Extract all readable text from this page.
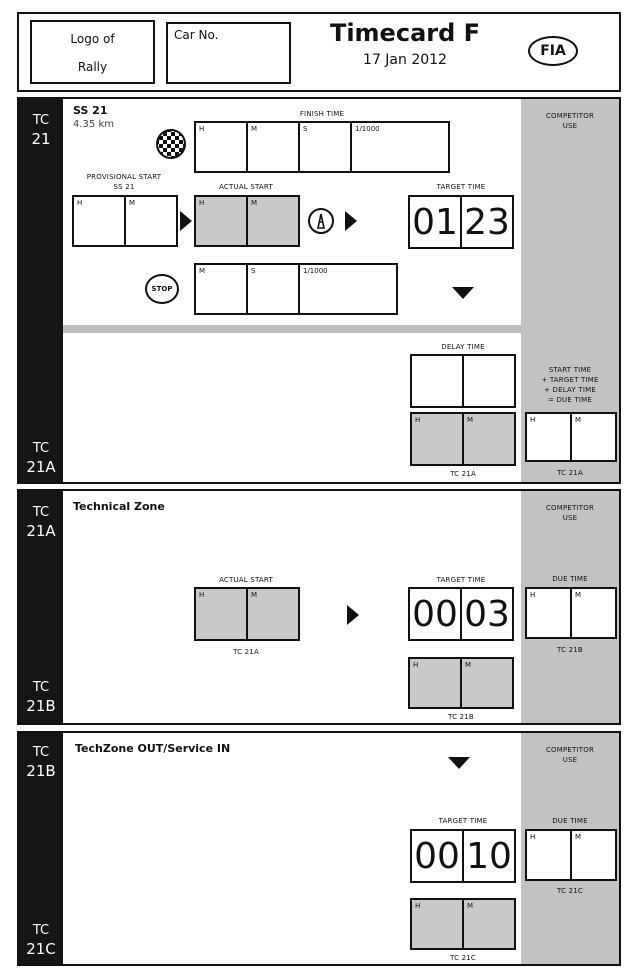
Logo of
Rally
Car No.	Timecard F
17 Jan 2012
FIA
TC
21
TC
21A
COMPETITOR
USE
START TIME
+ TARGET TIME
+ DELAY TIME
= DUE TIME
H	M
TC 21A
SS 21
4.35 km
FINISH TIME
H	M	S	1/1000
PROVISIONAL START
SS 21
H	M
ACTUAL START
H	M
TARGET TIME
01 23
STOP
M	S	1/1000
DELAY TIME
H	M
TC 21A
TC
21A
TC
21B
COMPETITOR
USE
DUE TIME
H	M
TC 21B
Technical Zone
ACTUAL START
H	M
TC 21A
TARGET TIME
00 03
H	M
TC 21B
TC
21B
TC
21C
COMPETITOR
USE
DUE TIME
H	M
TC 21C
TechZone OUT/Service IN
TARGET TIME
00 10
H	M
TC 21C
